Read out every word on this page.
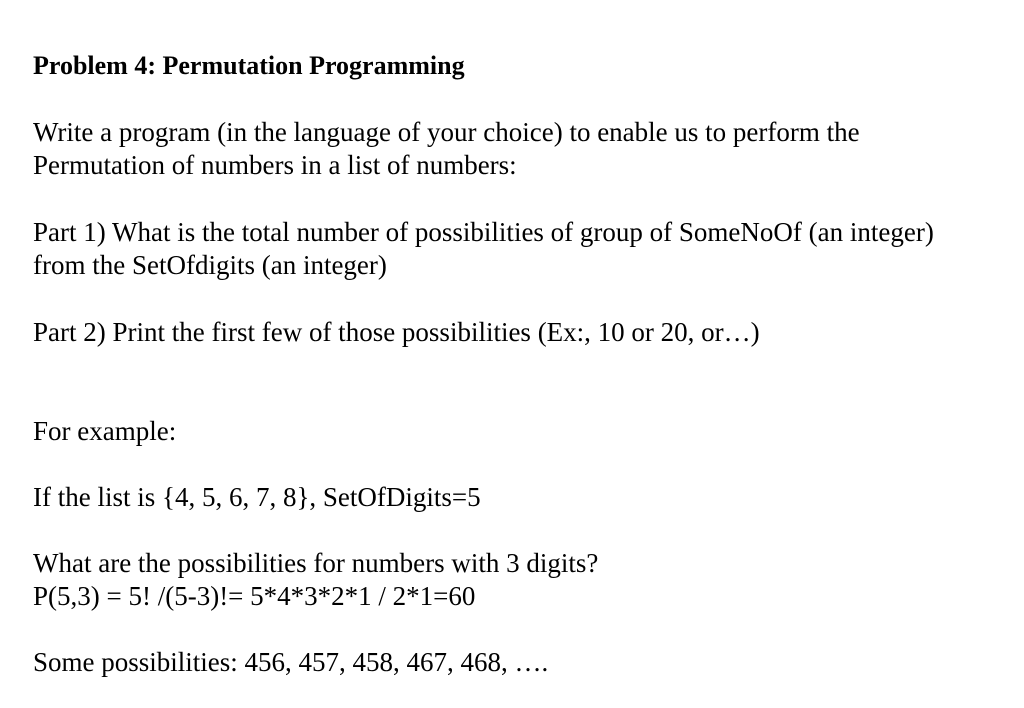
Problem 4: Permutation Programming
Write a program (in the language of your choice) to enable us to perform the
Permutation of numbers in a list of numbers:
Part 1) What is the total number of possibilities of group of SomeNoOf (an integer)
from the SetOfdigits (an integer)
Part 2) Print the first few of those possibilities (Ex:, 10 or 20, or…)
For example:
If the list is {4, 5, 6, 7, 8}, SetOfDigits=5
What are the possibilities for numbers with 3 digits?
P(5,3) = 5! /(5-3)!= 5*4*3*2*1 / 2*1=60
Some possibilities: 456, 457, 458, 467, 468, ….
